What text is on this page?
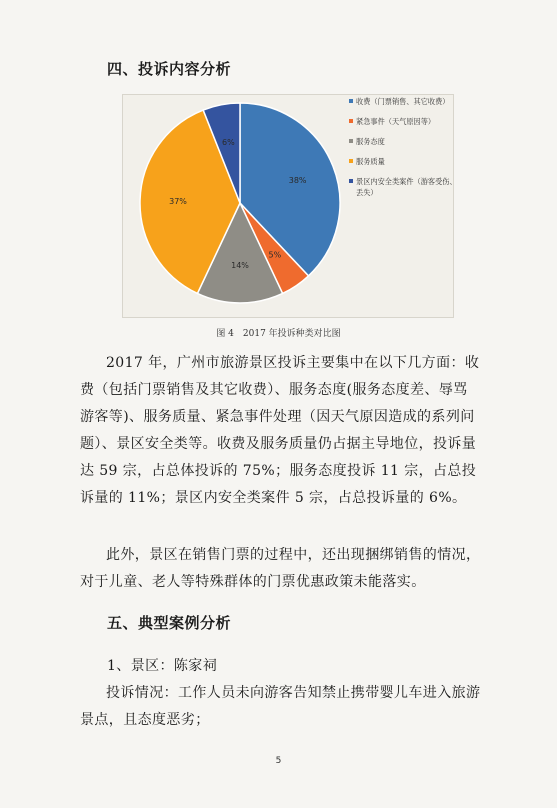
四、投诉内容分析
38%
5%
14%
37%
6%
收费（门票销售、其它收费）
紧急事件（天气原因等）
服务态度
服务质量
景区内安全类案件（游客受伤、丢失）
图 4　2017 年投诉种类对比图

2017 年，广州市旅游景区投诉主要集中在以下几方面：收费（包括门票销售及其它收费）、服务态度(服务态度差、辱骂游客等)、服务质量、紧急事件处理（因天气原因造成的系列问题）、景区安全类等。收费及服务质量仍占据主导地位，投诉量达 59 宗，占总体投诉的 75%；服务态度投诉 11 宗，占总投诉量的 11%；景区内安全类案件 5 宗，占总投诉量的 6%。

此外，景区在销售门票的过程中，还出现捆绑销售的情况，对于儿童、老人等特殊群体的门票优惠政策未能落实。

五、典型案例分析

1、景区：陈家祠

投诉情况：工作人员未向游客告知禁止携带婴儿车进入旅游景点，且态度恶劣；

5
